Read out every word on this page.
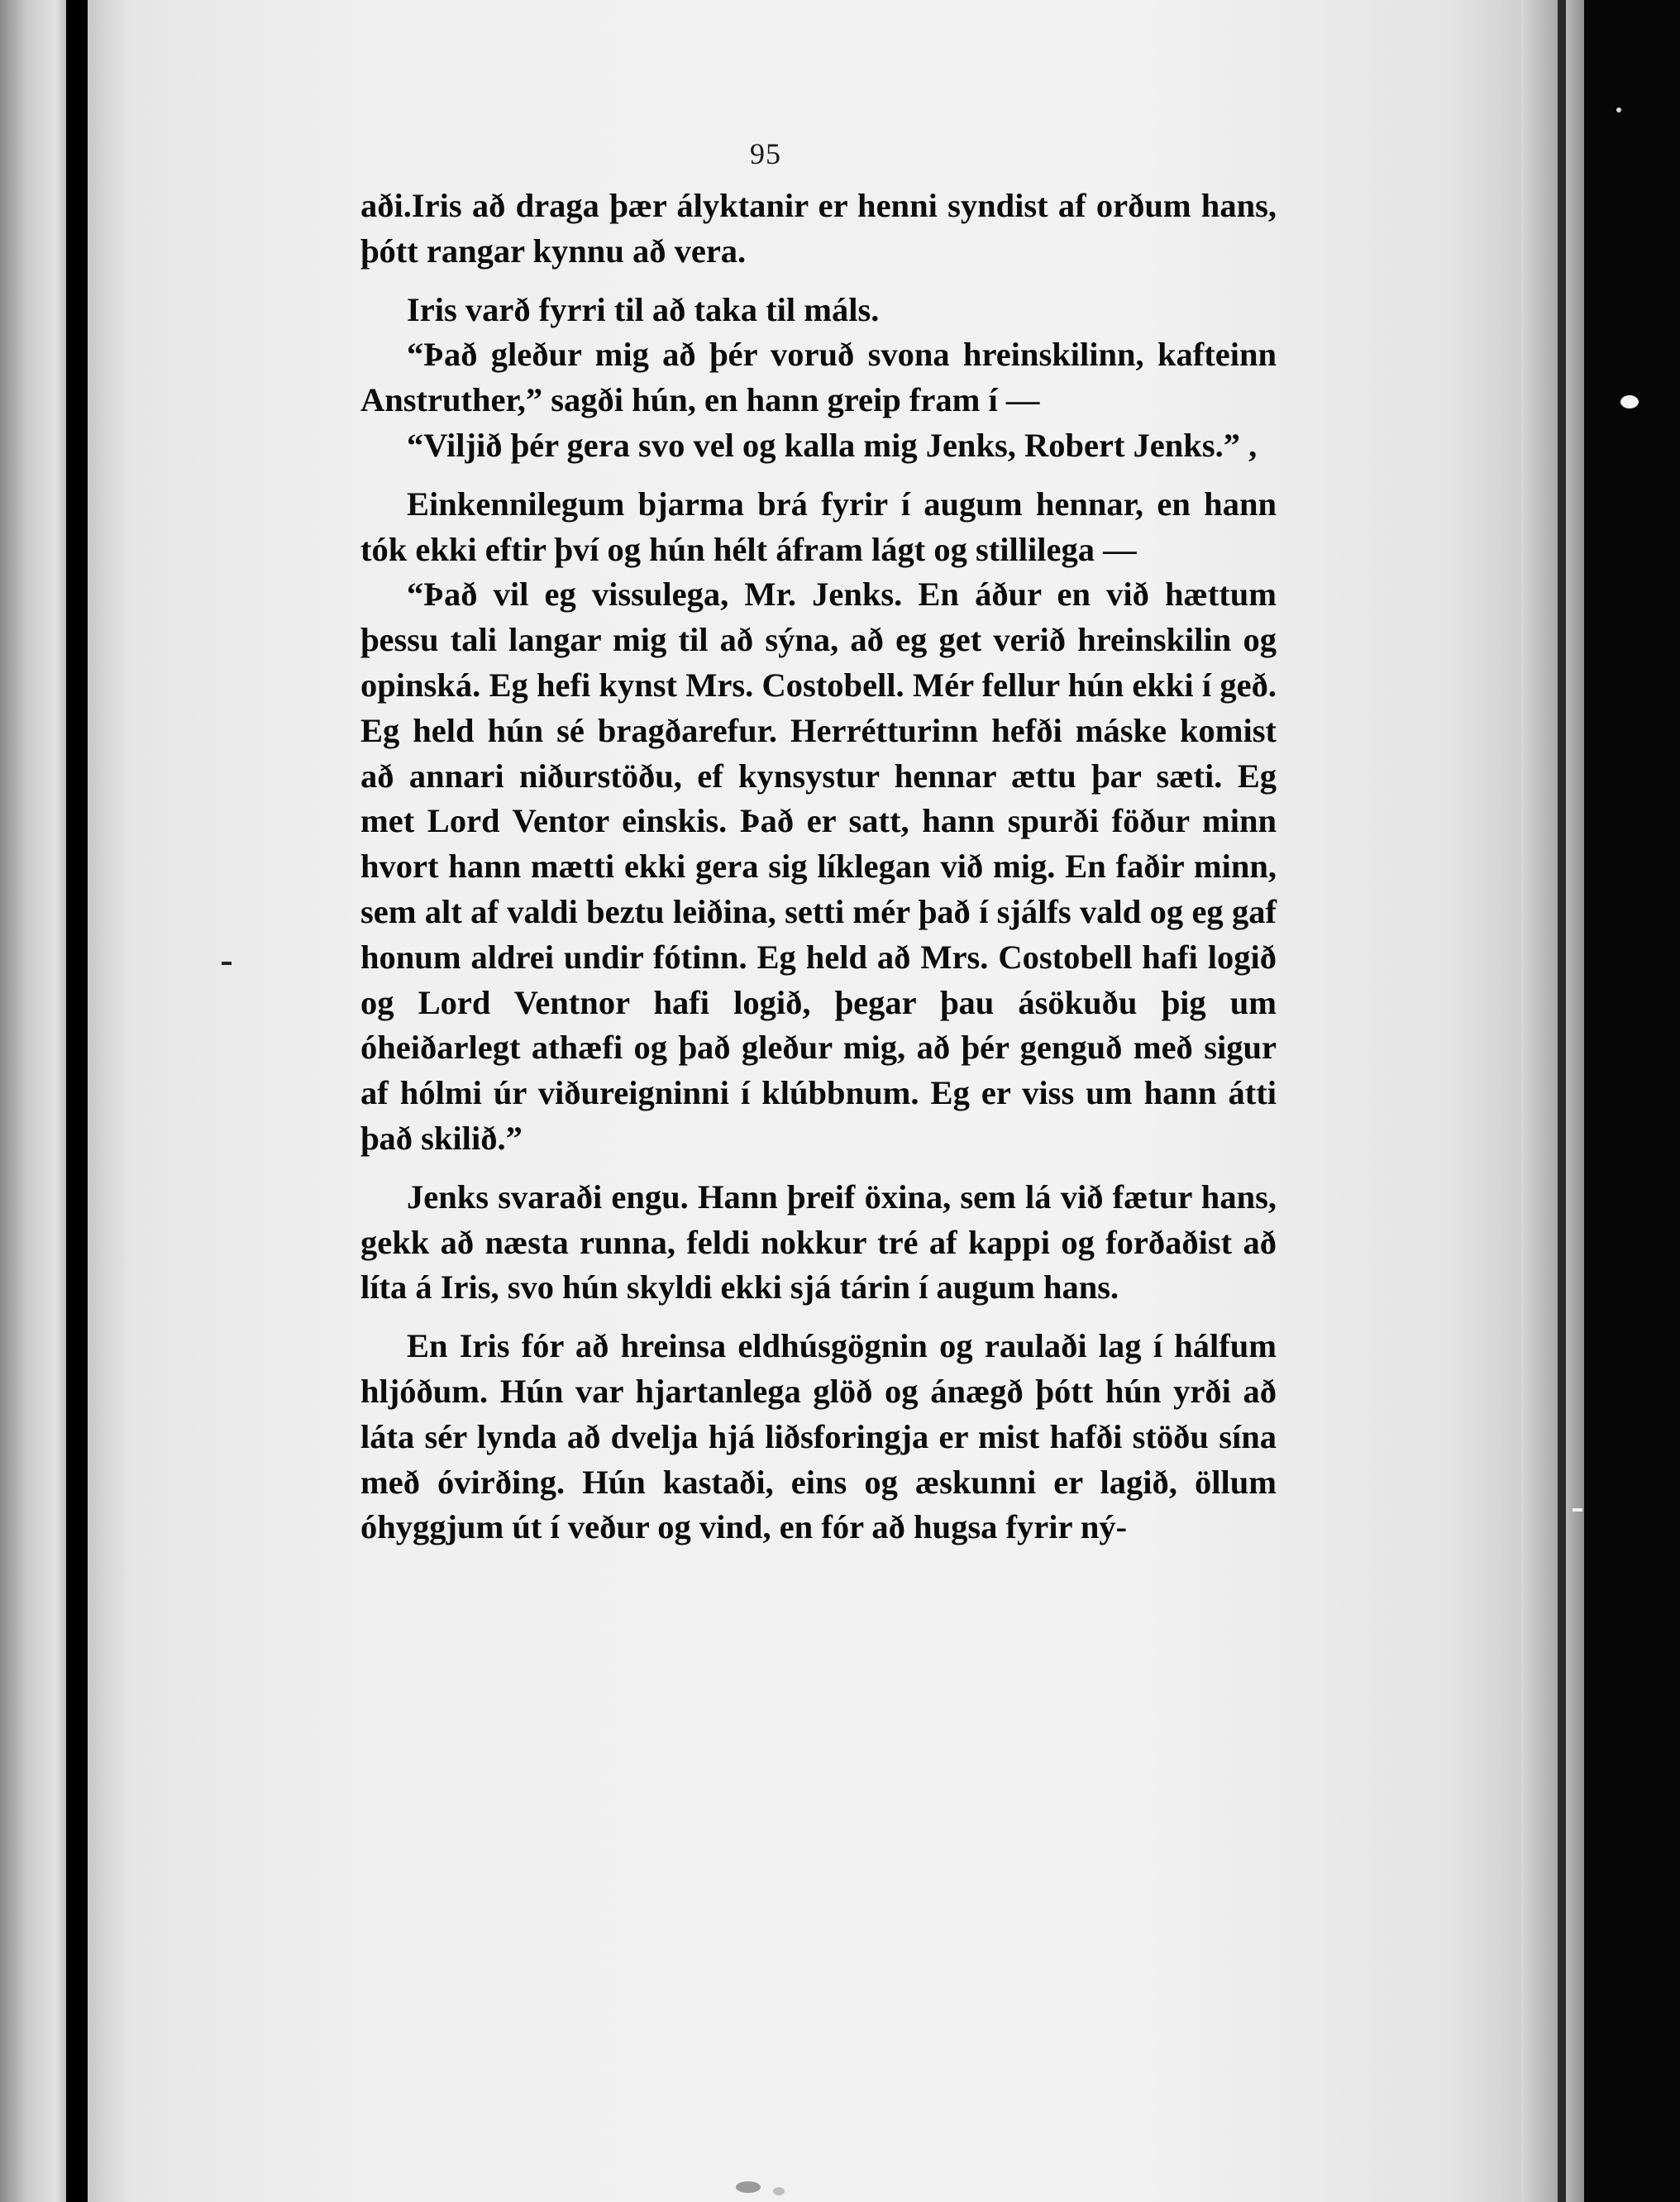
95

aði.Iris að draga þær ályktanir er henni syndist af orðum hans, þótt rangar kynnu að vera.

Iris varð fyrri til að taka til máls.

“Það gleður mig að þér voruð svona hreinskilinn, kafteinn Anstruther,” sagði hún, en hann greip fram í —

“Viljið þér gera svo vel og kalla mig Jenks, Robert Jenks.” ,

Einkennilegum bjarma brá fyrir í augum hennar, en hann tók ekki eftir því og hún hélt áfram lágt og stillilega —

“Það vil eg vissulega, Mr. Jenks. En áður en við hættum þessu tali langar mig til að sýna, að eg get verið hreinskilin og opinská. Eg hefi kynst Mrs. Costobell. Mér fellur hún ekki í geð. Eg held hún sé bragðarefur. Herrétturinn hefði máske komist að annari niðurstöðu, ef kynsystur hennar ættu þar sæti. Eg met Lord Ventor einskis. Það er satt, hann spurði föður minn hvort hann mætti ekki gera sig líklegan við mig. En faðir minn, sem alt af valdi beztu leiðina, setti mér það í sjálfs vald og eg gaf honum aldrei undir fótinn. Eg held að Mrs. Costobell hafi logið og Lord Ventnor hafi logið, þegar þau ásökuðu þig um óheiðarlegt athæfi og það gleður mig, að þér genguð með sigur af hólmi úr viðureigninni í klúbbnum. Eg er viss um hann átti það skilið.”

Jenks svaraði engu. Hann þreif öxina, sem lá við fætur hans, gekk að næsta runna, feldi nokkur tré af kappi og forðaðist að líta á Iris, svo hún skyldi ekki sjá tárin í augum hans.

En Iris fór að hreinsa eldhúsgögnin og raulaði lag í hálfum hljóðum. Hún var hjartanlega glöð og ánægð þótt hún yrði að láta sér lynda að dvelja hjá liðsforingja er mist hafði stöðu sína með óvirðing. Hún kastaði, eins og æskunni er lagið, öllum óhyggjum út í veður og vind, en fór að hugsa fyrir ný-
